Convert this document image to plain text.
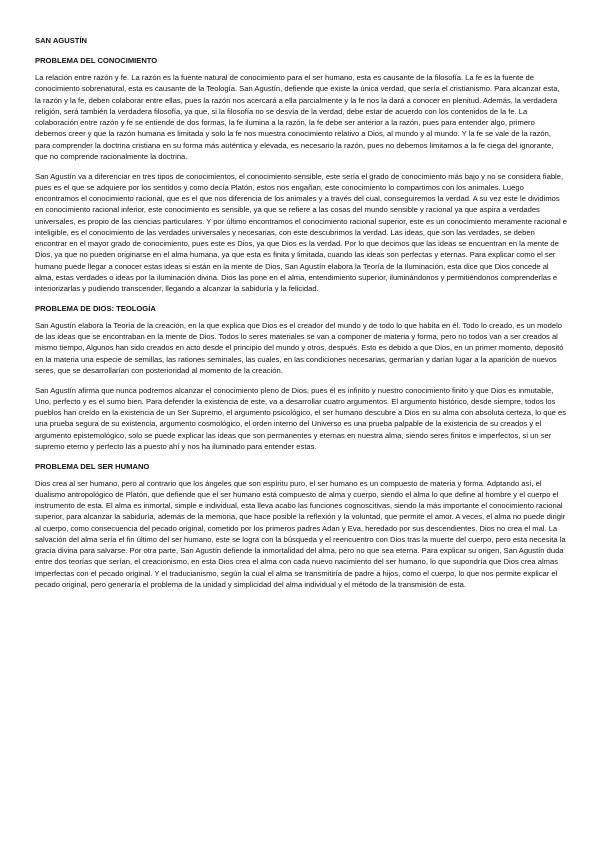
SAN AGUSTÍN

PROBLEMA DEL CONOCIMIENTO

La relación entre razón y fe. La razón es la fuente natural de conocimiento para el ser humano, esta es causante de la filosofía. La fe es la fuente de conocimiento sobrenatural, esta es causante de la Teología. San Agustín, defiende que existe la única verdad, que sería el cristianismo. Para alcanzar esta, la razón y la fe, deben colaborar entre ellas, pues la razón nos acercará a ella parcialmente y la fe nos la dará a conocer en plenitud. Además, la verdadera religión, será también la verdadera filosofía, ya que, si la filosofía no se desvía de la verdad, debe estar de acuerdo con los contenidos de la fe. La colaboración entre razón y fe se entiende de dos formas, la fe ilumina a la razón, la fe debe ser anterior a la razón, pues para entender algo, primero debemos creer y que la razón humana es limitada y solo la fe nos muestra conocimiento relativo a Dios, al mundo y al mundo. Y la fe se vale de la razón, para comprender la doctrina cristiana en su forma más auténtica y elevada, es necesario la razón, pues no debemos limitarnos a la fe ciega del ignorante, que no comprende racionalmente la doctrina.

San Agustín va a diferenciar en tres tipos de conocimientos, el conocimiento sensible, este sería el grado de conocimiento más bajo y no se considera fiable, pues es el que se adquiere por los sentidos y como decía Platón, estos nos engañan, este conocimiento lo compartimos con los animales. Luego encontramos el conocimiento racional, que es el que nos diferencia de los animales y a través del cual, conseguiremos la verdad. A su vez este le dividimos en conocimiento racional inferior, este conocimiento es sensible, ya que se refiere a las cosas del mundo sensible y racional ya que aspira a verdades universales, es propio de las ciencias particulares. Y por último encontramos el conocimiento racional superior, este es un conocimiento meramente racional e inteligible, es el conocimiento de las verdades universales y necesarias, con este descubrimos la verdad. Las ideas, que son las verdades, se deben encontrar en el mayor grado de conocimiento, pues este es Dios, ya que Dios es la verdad. Por lo que decimos que las ideas se encuentran en la mente de Dios, ya que no pueden originarse en el alma humana, ya que esta es finita y limitada, cuando las ideas son perfectas y eternas. Para explicar como el ser humano puede llegar a conocer estas ideas si están en la mente de Dios, San Agustín elabora la Teoría de la Iluminación, esta dice que Dios concede al alma, estas verdades o ideas por la iluminación divina. Dios las pone en el alma, entendimiento superior, iluminándonos y permitiéndonos comprenderlas e interiorizarlas y pudiendo transcender, llegando a alcanzar la sabiduría y la felicidad.

PROBLEMA DE DIOS: TEOLOGÍA

San Agustín elabora la Teoría de la creación, en la que explica que Dios es el creador del mundo y de todo lo que habita en él. Todo lo creado, es un modelo de las ideas que se encontraban en la mente de Dios. Todos lo seres materiales se van a componer de materia y forma, pero no todos van a ser creados al mismo tiempo, Algunos han sido creados en acto desde el principio del mundo y otros, después. Esto es debido a que Dios, en un primer momento, depositó en la materia una especie de semillas, las rationes seminales, las cuales, en las condiciones necesarias, germarían y darían lugar a la aparición de nuevos seres, que se desarrollarían con posterioridad al momento de la creación.

San Agustín afirma que nunca podremos alcanzar el conocimiento pleno de Dios, pues él es infinito y nuestro conocimiento finito y que Dios es inmutable, Uno, perfecto y es el sumo bien. Para defender la existencia de este, va a desarrollar cuatro argumentos. El argumento histórico, desde siempre, todos los pueblos han creído en la existencia de un Ser Supremo, el argumento psicológico, el ser humano descubre a Dios en su alma con absoluta certeza, lo que es una prueba segura de su existencia, argumento cosmológico, el orden interno del Universo es una prueba palpable de la existencia de su creados y el argumento epistemológico, solo se puede explicar las ideas que son permanentes y eternas en nuestra alma, siendo seres finitos e imperfectos, si un ser supremo eterno y perfecto las a puesto ahí y nos ha iluminado para entender estas.

PROBLEMA DEL SER HUMANO

Dios crea al ser humano, pero al contrario que los ángeles que son espíritu puro, el ser humano es un compuesto de materia y forma. Adptando así, el dualismo antropológico de Platón, que defiende que el ser humano está compuesto de alma y cuerpo, siendo el alma lo que define al hombre y el cuerpo el instrumento de esta. El alma es inmortal, simple e individual, esta lleva acabo las funciones cognoscitivas, siendo la más importante el conocimiento racional superior, para alcanzar la sabiduría, además de la memoria, que hace posible la reflexión y la voluntad, que permite el amor. A veces, el alma no puede dirigir al cuerpo, como consecuencia del pecado original, cometido por los primeros padres Adan y Eva, heredado por sus descendientes. Dios no crea el mal. La salvación del alma sería el fin último del ser humano, este se logra con la búsqueda y el reencuentro con Dios tras la muerte del cuerpo, pero esta necesita la gracia divina para salvarse. Por otra parte, San Agustín defiende la inmortalidad del alma, pero no que sea eterna. Para explicar su origen, San Agustín duda entre dos teorías que serían, el creacionismo, en esta Dios crea el alma con cada nuevo nacimiento del ser humano, lo que supondría que Dios crea almas imperfectas con el pecado original. Y el traducianismo, según la cual el alma se transmitiría de padre a hijos, como el cuerpo, lo que nos permite explicar el pecado original, pero generaría el problema de la unidad y simplicidad del alma individual y el método de la transmisión de esta.
